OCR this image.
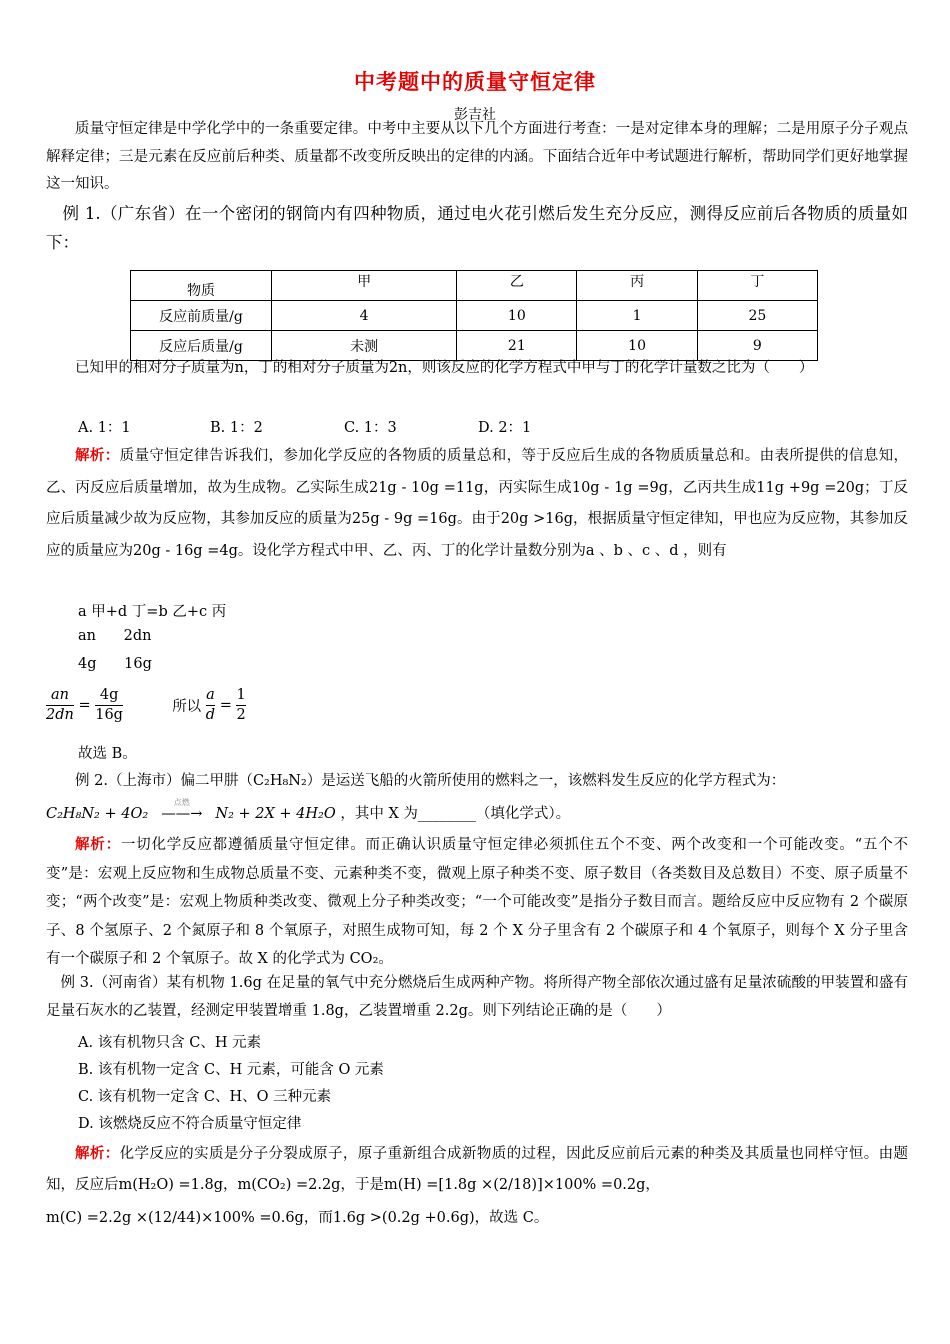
中考题中的质量守恒定律
彭吉社
质量守恒定律是中学化学中的一条重要定律。中考中主要从以下几个方面进行考查：一是对定律本身的理解；二是用原子分子观点解释定律；三是元素在反应前后种类、质量都不改变所反映出的定律的内涵。下面结合近年中考试题进行解析，帮助同学们更好地掌握这一知识。
例 1.（广东省）在一个密闭的钢筒内有四种物质，通过电火花引燃后发生充分反应，测得反应前后各物质的质量如下：
物质	甲	乙	丙	丁
反应前质量/g	4	10	1	25
反应后质量/g	未测	21	10	9
已知甲的相对分子质量为n，丁的相对分子质量为2n，则该反应的化学方程式中甲与丁的化学计量数之比为（　　）
A. 1：1	B. 1：2	C. 1：3	D. 2：1
解析：质量守恒定律告诉我们，参加化学反应的各物质的质量总和，等于反应后生成的各物质质量总和。由表所提供的信息知，乙、丙反应后质量增加，故为生成物。乙实际生成21g - 10g =11g，丙实际生成10g - 1g =9g，乙丙共生成11g +9g =20g；丁反应后质量减少故为反应物，其参加反应的质量为25g - 9g =16g。由于20g >16g，根据质量守恒定律知，甲也应为反应物，其参加反应的质量应为20g - 16g =4g。设化学方程式中甲、乙、丙、丁的化学计量数分别为a 、b 、c 、d ，则有
a 甲+d 丁=b 乙+c 丙
an      2dn
4g      16g
$\frac{an}{2dn} = \frac{4g}{16g}$	所以 $\frac{a}{d} = \frac{1}{2}$
故选 B。
例 2.（上海市）偏二甲肼（C₂H₈N₂）是运送飞船的火箭所使用的燃料之一，该燃料发生反应的化学方程式为：
C₂H₈N₂ + 4O₂
点燃
——→ N₂ + 2X + 4H₂O ，其中 X 为________（填化学式）。
解析：一切化学反应都遵循质量守恒定律。而正确认识质量守恒定律必须抓住五个不变、两个改变和一个可能改变。“五个不变”是：宏观上反应物和生成物总质量不变、元素种类不变，微观上原子种类不变、原子数目（各类数目及总数目）不变、原子质量不变；“两个改变”是：宏观上物质种类改变、微观上分子种类改变；“一个可能改变”是指分子数目而言。题给反应中反应物有 2 个碳原子、8 个氢原子、2 个氮原子和 8 个氧原子，对照生成物可知，每 2 个 X 分子里含有 2 个碳原子和 4 个氧原子，则每个 X 分子里含有一个碳原子和 2 个氧原子。故 X 的化学式为 CO₂。
例 3.（河南省）某有机物 1.6g 在足量的氧气中充分燃烧后生成两种产物。将所得产物全部依次通过盛有足量浓硫酸的甲装置和盛有足量石灰水的乙装置，经测定甲装置增重 1.8g，乙装置增重 2.2g。则下列结论正确的是（　　）
A. 该有机物只含 C、H 元素
B. 该有机物一定含 C、H 元素，可能含 O 元素
C. 该有机物一定含 C、H、O 三种元素
D. 该燃烧反应不符合质量守恒定律
解析：化学反应的实质是分子分裂成原子，原子重新组合成新物质的过程，因此反应前后元素的种类及其质量也同样守恒。由题知，反应后m(H₂O) =1.8g，m(CO₂) =2.2g，于是m(H) =[1.8g ×(2/18)]×100% =0.2g，
m(C) =2.2g ×(12/44)×100% =0.6g，而1.6g >(0.2g +0.6g)，故选 C。
